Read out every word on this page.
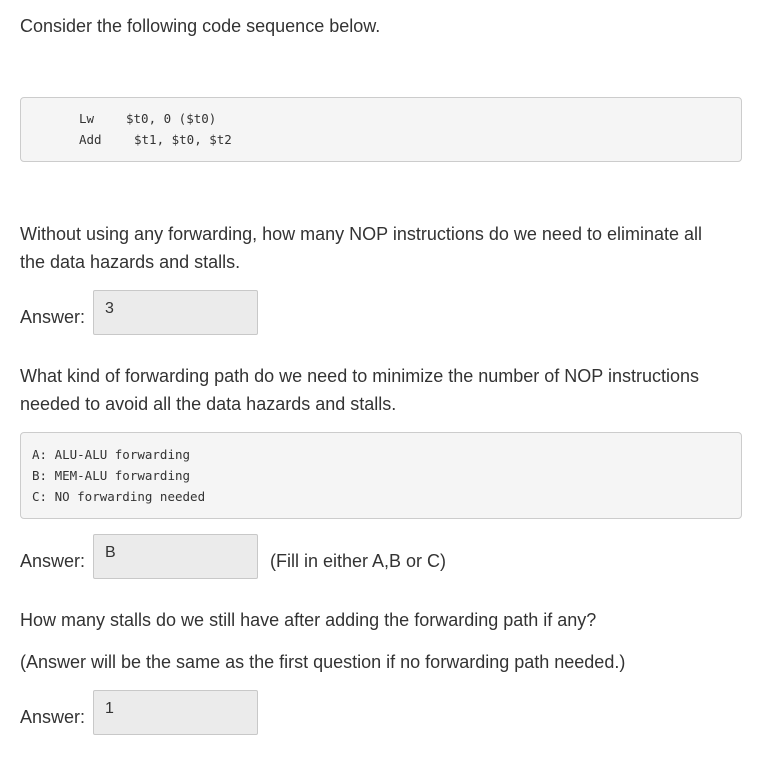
Consider the following code sequence below.

Lw	$t0, 0 ($t0)
Add	$t1, $t0, $t2

Without using any forwarding, how many NOP instructions do we need to eliminate all

the data hazards and stalls.

Answer:
3

What kind of forwarding path do we need to minimize the number of NOP instructions

needed to avoid all the data hazards and stalls.

A: ALU-ALU forwarding
B: MEM-ALU forwarding
C: NO forwarding needed
Answer:
B	(Fill in either A,B or C)

How many stalls do we still have after adding the forwarding path if any?

(Answer will be the same as the first question if no forwarding path needed.)

Answer:
1
